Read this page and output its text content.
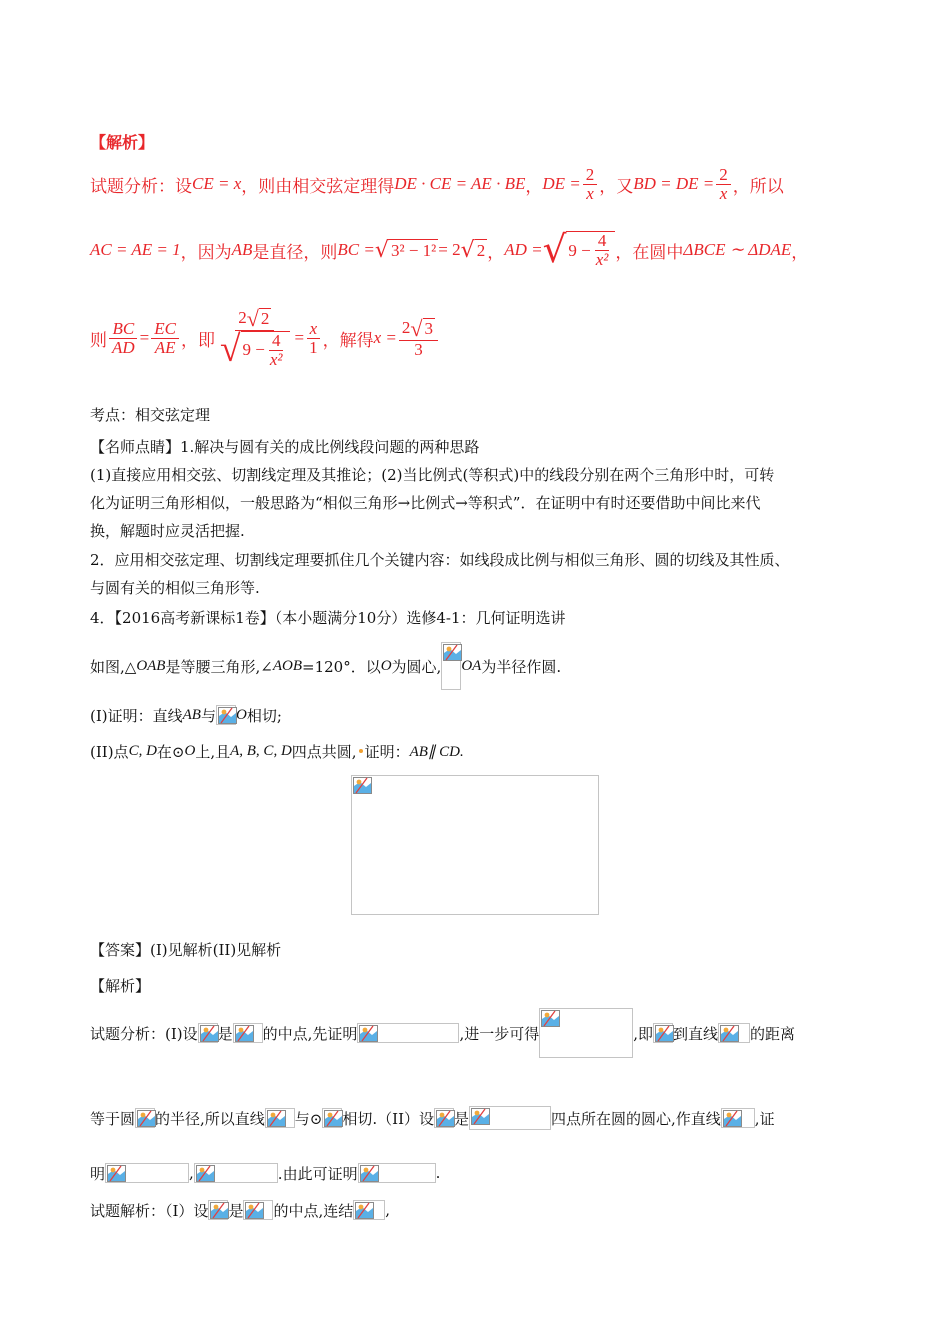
【解析】
试题分析：设 CE = x ，则由相交弦定理得 DE · CE = AE · BE ， DE = $\frac{2}{x}$ ，又 BD = DE = $\frac{2}{x}$ ，所以
AC = AE = 1 ，因为 AB 是直径，则 BC = √ 3² − 1² = 2 √ 2 ， AD = √ $9 - \frac{4}{\text{x²}}$ ，在圆中 ΔBCE ∼ ΔDAE ，
则 $\frac{BC}{AD} = \frac{EC}{AE}$ ，即
2 √ 2
√ $9 - \frac{4}{\text{x²}} = \frac{x}{1}$ ，解得 $x = \frac{2 √ 3}{3}$
考点：相交弦定理
【名师点睛】1.解决与圆有关的成比例线段问题的两种思路
(1)直接应用相交弦、切割线定理及其推论；(2)当比例式(等积式)中的线段分别在两个三角形中时，可转
化为证明三角形相似，一般思路为“相似三角形→比例式→等积式”．在证明中有时还要借助中间比来代
换，解题时应灵活把握.
2．应用相交弦定理、切割线定理要抓住几个关键内容：如线段成比例与相似三角形、圆的切线及其性质、
与圆有关的相似三角形等.
4．【2016高考新课标1卷】（本小题满分10分）选修4-1：几何证明选讲
如图,△ OAB 是等腰三角形,∠ AOB =120°．以 O 为圆心, OA 为半径作圆.
(I)证明：直线 AB 与 O 相切;
(II)点 C, D 在⊙ O 上,且 A, B, C, D 四点共圆, 证明： AB∥ CD.
【答案】(I)见解析(II)见解析
【解析】
试题分析：(I)设 是 的中点,先证明	,进一步可得	,即 到直线 的距离
等于圆 的半径,所以直线 与⊙ 相切.（II）设 是	四点所在圆的圆心,作直线 ,证
明	,	.由此可证明	.
试题解析：（Ⅰ）设 是 的中点,连结 ,
